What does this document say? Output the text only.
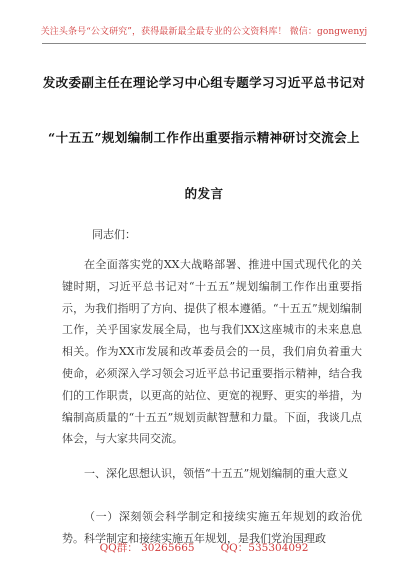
关注头条号“公文研究”，获得最新最全最专业的公文资料库！ 微信：gongwenyj
发改委副主任在理论学习中心组专题学习习近平总书记对
“十五五”规划编制工作作出重要指示精神研讨交流会上
的发言
同志们：

在全面落实党的XX大战略部署、推进中国式现代化的关键时期，习近平总书记对“十五五”规划编制工作作出重要指示，为我们指明了方向、提供了根本遵循。“十五五”规划编制工作，关乎国家发展全局，也与我们XX这座城市的未来息息相关。作为XX市发展和改革委员会的一员，我们肩负着重大使命，必须深入学习领会习近平总书记重要指示精神，结合我们的工作职责，以更高的站位、更宽的视野、更实的举措，为编制高质量的“十五五”规划贡献智慧和力量。下面，我谈几点体会，与大家共同交流。

一、深化思想认识，领悟“十五五”规划编制的重大意义

（一）深刻领会科学制定和接续实施五年规划的政治优势。科学制定和接续实施五年规划，是我们党治国理政

QQ群： 30265665 QQ：535304092
